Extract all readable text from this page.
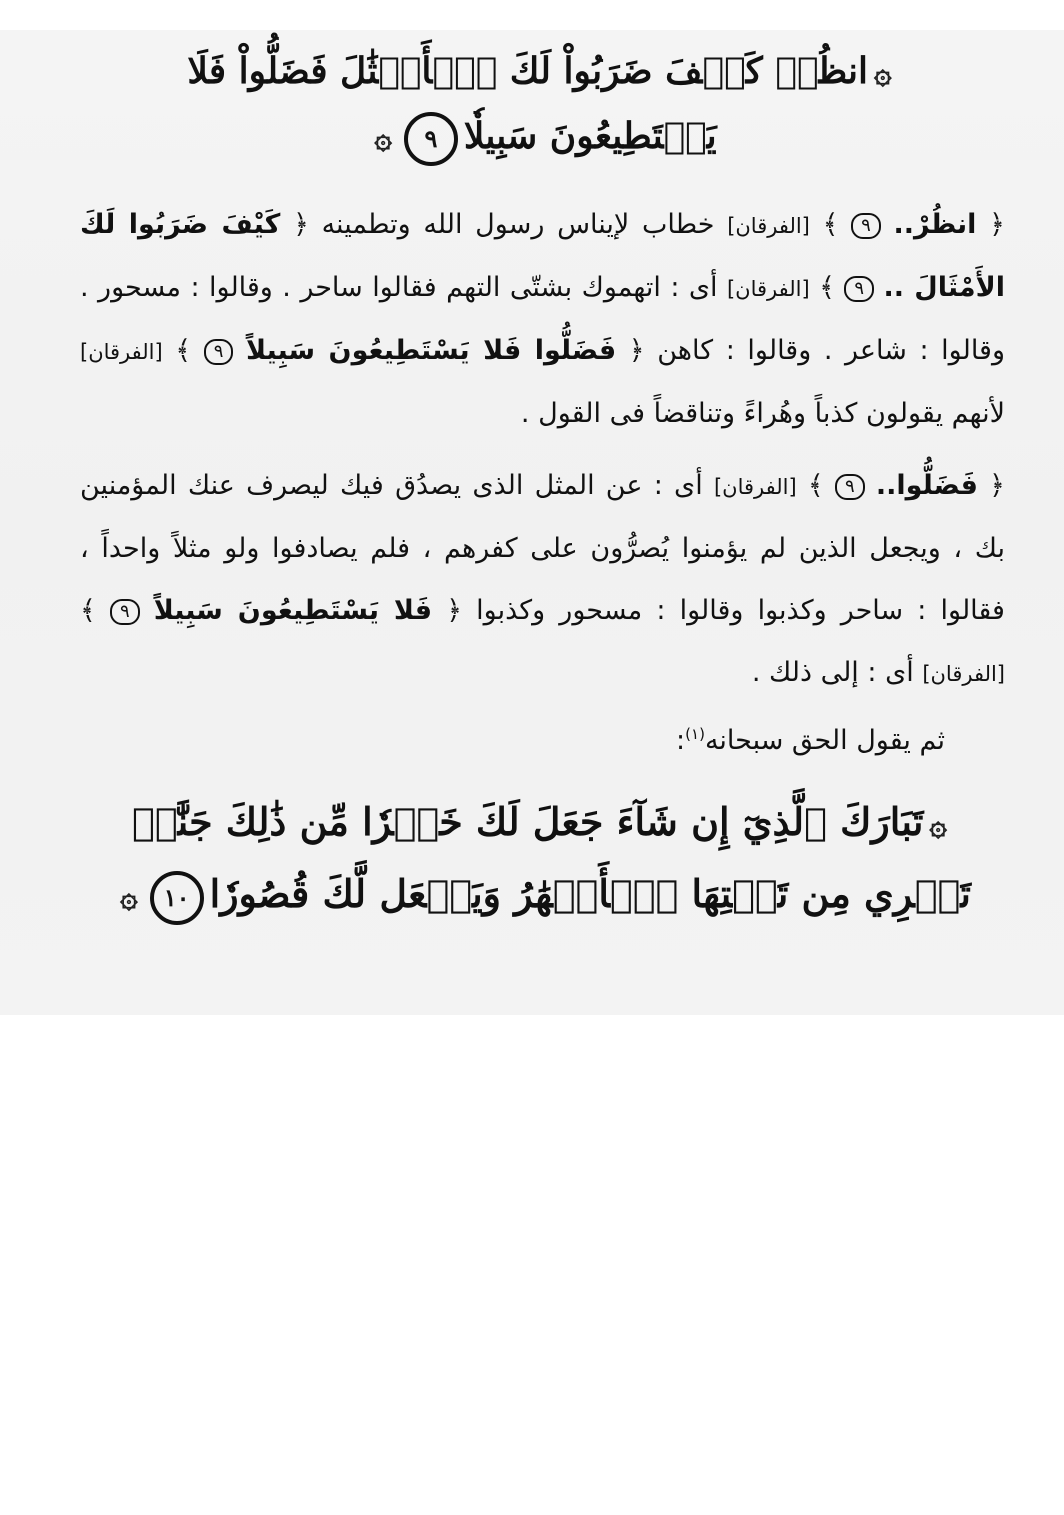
۞انظُرۡ كَيۡفَ ضَرَبُواْ لَكَ ٱلۡأَمۡثَٰلَ فَضَلُّواْ فَلَا
يَسۡتَطِيعُونَ سَبِيلٗا٩۞

﴿ انظُرْ.. ٩ ﴾ [الفرقان] خطاب لإيناس رسول الله وتطمينه ﴿ كَيْفَ ضَرَبُوا لَكَ الأَمْثَالَ .. ٩ ﴾ [الفرقان] أى : اتهموك بشتّى التهم فقالوا ساحر . وقالوا : مسحور . وقالوا : شاعر . وقالوا : كاهن ﴿ فَضَلُّوا فَلا يَسْتَطِيعُونَ سَبِيلاً ٩ ﴾ [الفرقان] لأنهم يقولون كذباً وهُراءً وتناقضاً فى القول .

﴿ فَضَلُّوا.. ٩ ﴾ [الفرقان] أى : عن المثل الذى يصدُق فيك ليصرف عنك المؤمنين بك ، ويجعل الذين لم يؤمنوا يُصرُّون على كفرهم ، فلم يصادفوا ولو مثلاً واحداً ، فقالوا : ساحر وكذبوا وقالوا : مسحور وكذبوا ﴿ فَلا يَسْتَطِيعُونَ سَبِيلاً ٩ ﴾ [الفرقان] أى : إلى ذلك .

ثم يقول الحق سبحانه$^{(١)}$:

۞تَبَارَكَ ٱلَّذِيٓ إِن شَآءَ جَعَلَ لَكَ خَيۡرٗا مِّن ذَٰلِكَ جَنَّٰتٖ
تَجۡرِي مِن تَحۡتِهَا ٱلۡأَنۡهَٰرُ وَيَجۡعَل لَّكَ قُصُورٗا١٠۞
